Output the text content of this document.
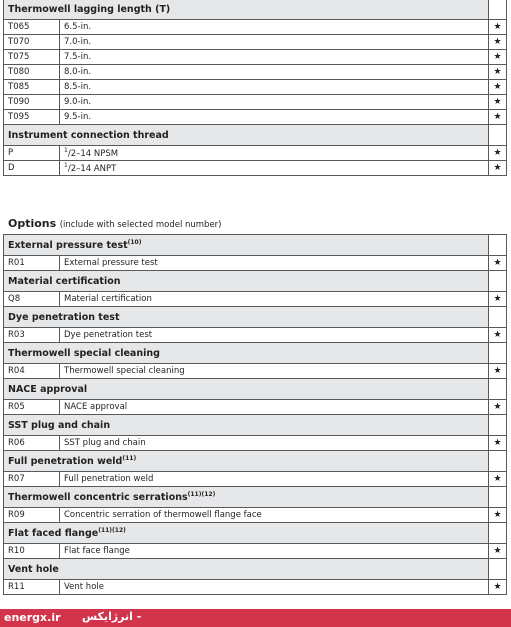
Thermowell lagging length (T)		
T065	6.5-in.	★
T070	7.0-in.	★
T075	7.5-in.	★
T080	8.0-in.	★
T085	8.5-in.	★
T090	9.0-in.	★
T095	9.5-in.	★
Instrument connection thread		
P	$^1$/2–14 NPSM	★
D	$^1$/2–14 ANPT	★
Options (include with selected model number)
External pressure test$^{(10)}$	
R01	External pressure test	★
Material certification		
Q8	Material certification	★
Dye penetration test		
R03	Dye penetration test	★
Thermowell special cleaning		
R04	Thermowell special cleaning	★
NACE approval		
R05	NACE approval	★
SST plug and chain		
R06	SST plug and chain	★
Full penetration weld$^{(11)}$	
R07	Full penetration weld	★
Thermowell concentric serrations$^{(11)(12)}$	
R09	Concentric serration of thermowell flange face	★
Flat faced flange$^{(11)(12)}$	
R10	Flat face flange	★
Vent hole		
R11	Vent hole	★
energx.ir انرژایکس -
